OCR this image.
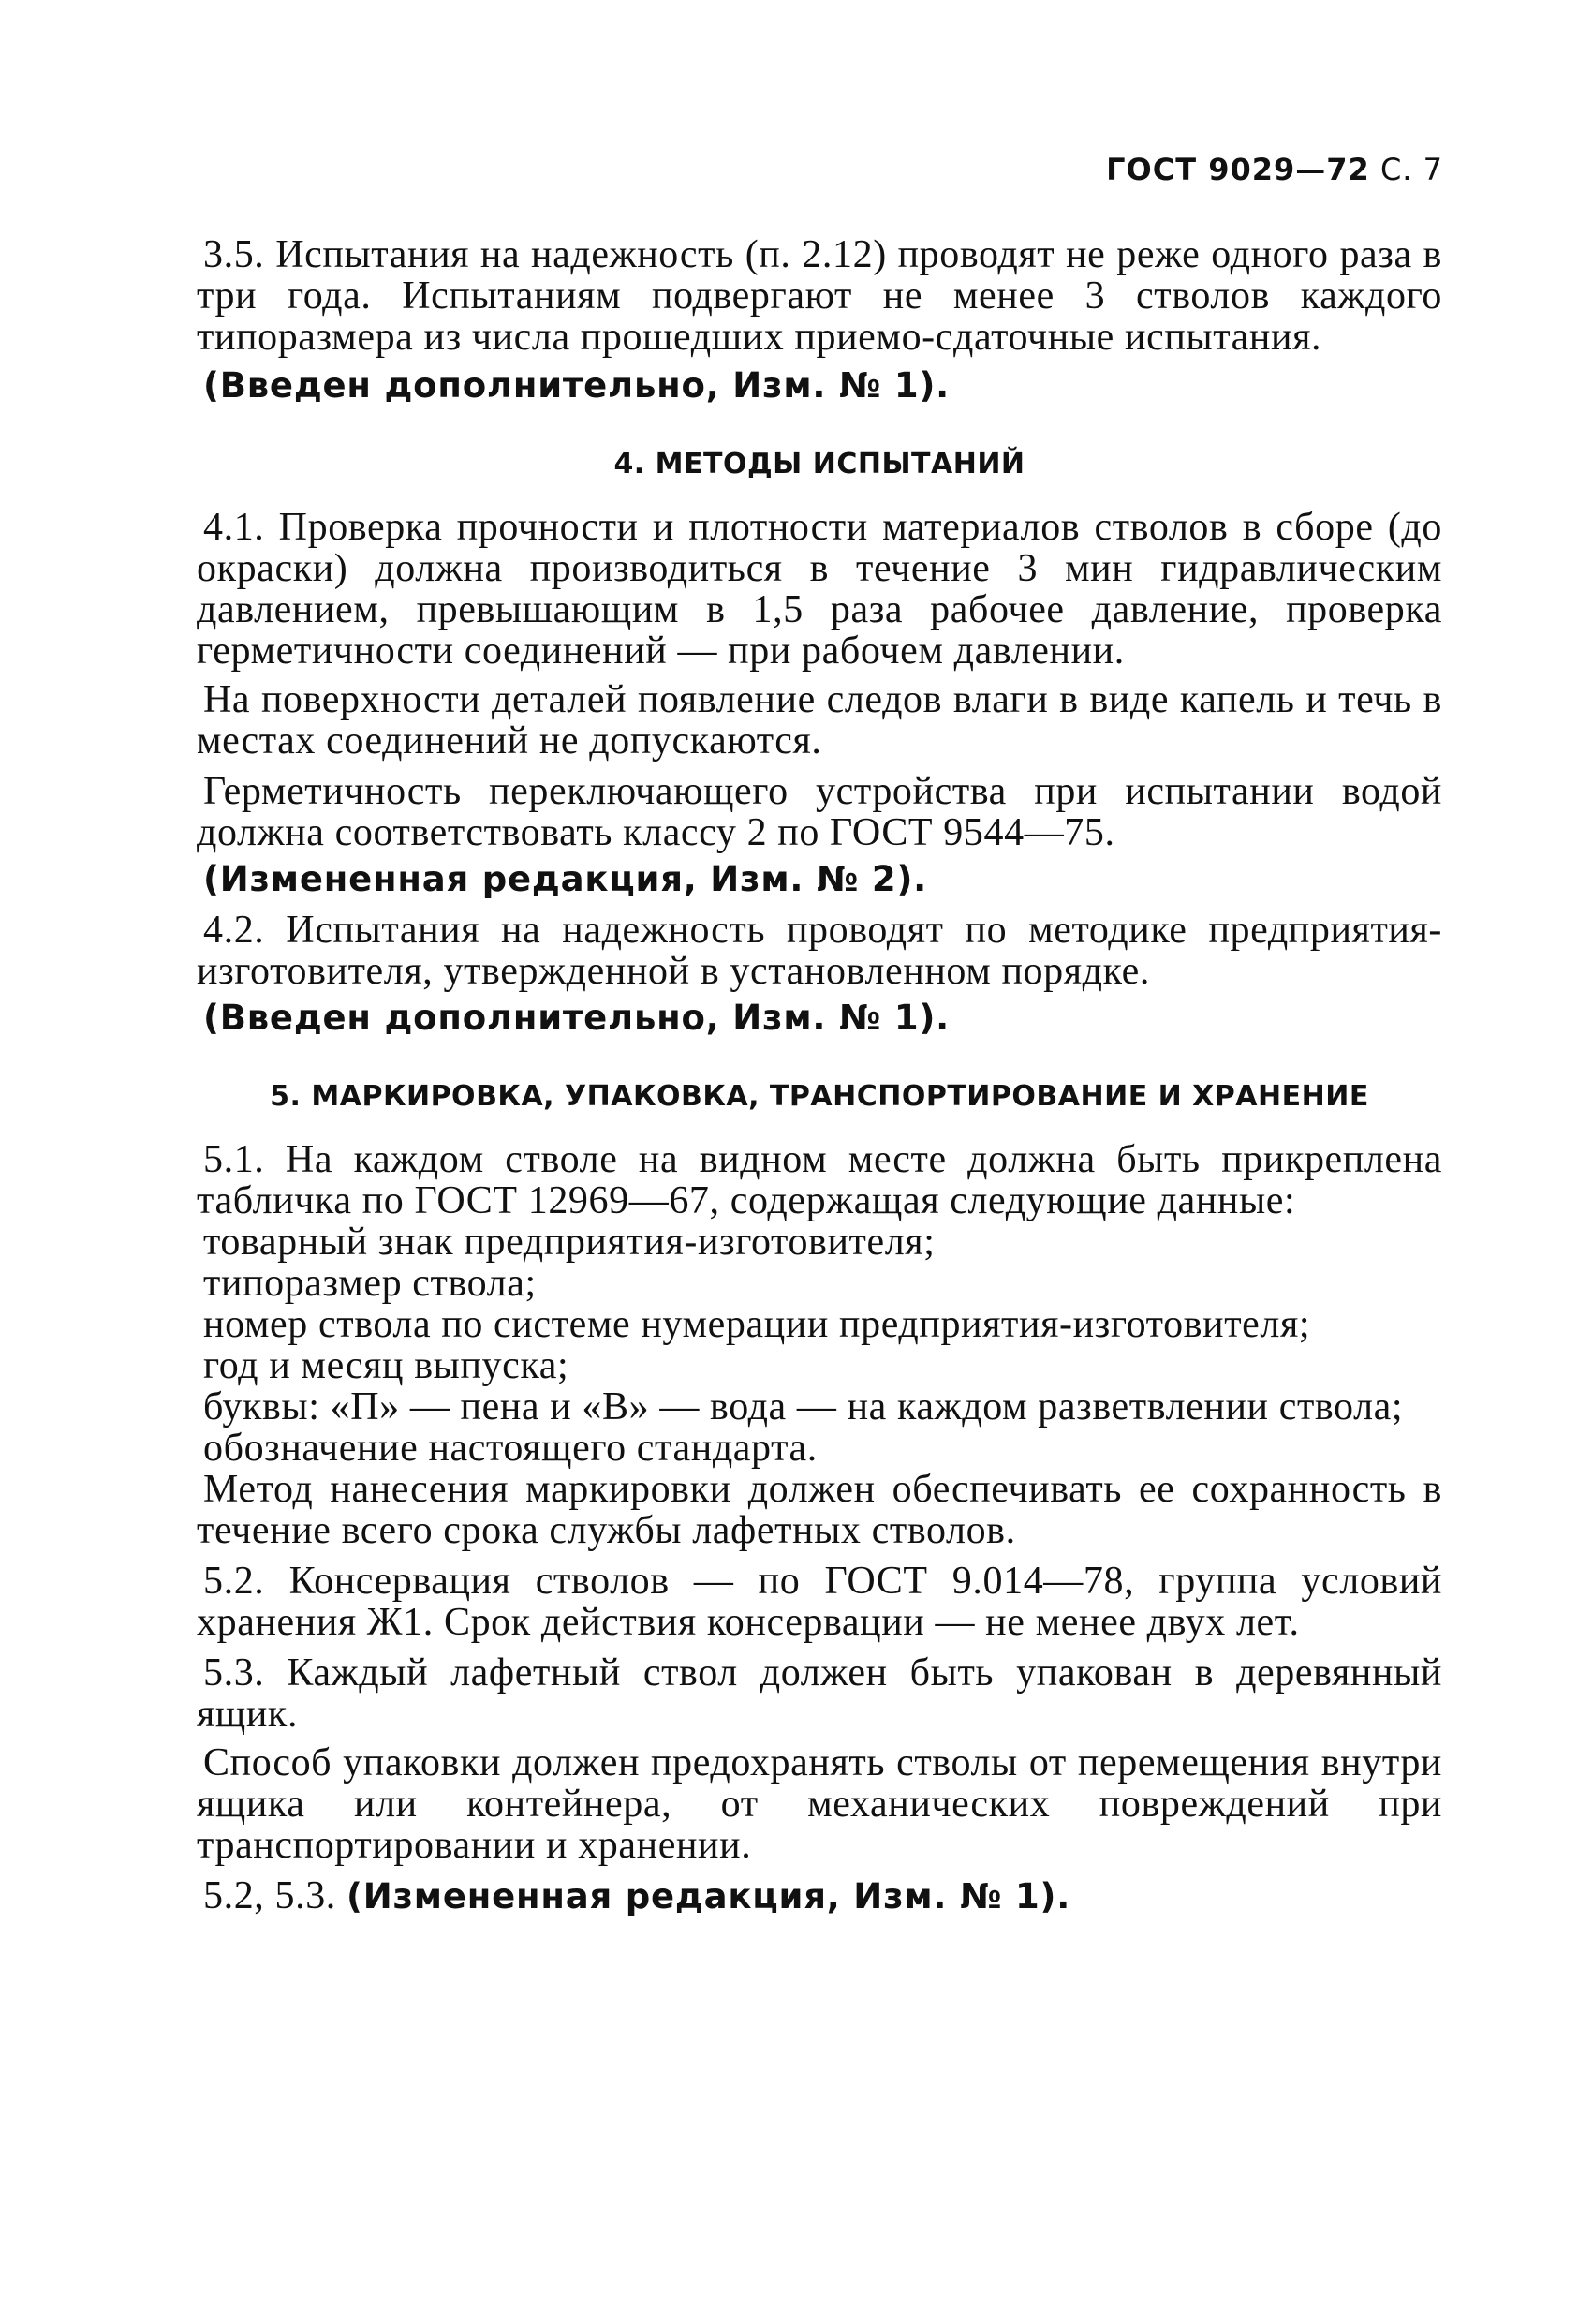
ГОСТ 9029—72 С. 7

3.5. Испытания на надежность (п. 2.12) проводят не реже одного раза в три года. Испытаниям подвергают не менее 3 стволов каждого типоразмера из числа прошедших приемо-сдаточные испытания.

(Введен дополнительно, Изм. № 1).

4. МЕТОДЫ ИСПЫТАНИЙ

4.1. Проверка прочности и плотности материалов стволов в сборе (до окраски) должна производиться в течение 3 мин гидравлическим давлением, превышающим в 1,5 раза рабочее давление, проверка герметичности соединений — при рабочем давлении.

На поверхности деталей появление следов влаги в виде капель и течь в местах соединений не допускаются.

Герметичность переключающего устройства при испытании водой должна соответствовать классу 2 по ГОСТ 9544—75.

(Измененная редакция, Изм. № 2).

4.2. Испытания на надежность проводят по методике предприятия-изготовителя, утвержденной в установленном порядке.

(Введен дополнительно, Изм. № 1).

5. МАРКИРОВКА, УПАКОВКА, ТРАНСПОРТИРОВАНИЕ И ХРАНЕНИЕ

5.1. На каждом стволе на видном месте должна быть прикреплена табличка по ГОСТ 12969—67, содержащая следующие данные:

товарный знак предприятия-изготовителя;

типоразмер ствола;

номер ствола по системе нумерации предприятия-изготовителя;

год и месяц выпуска;

буквы: «П» — пена и «В» — вода — на каждом разветвлении ствола;

обозначение настоящего стандарта.

Метод нанесения маркировки должен обеспечивать ее сохранность в течение всего срока службы лафетных стволов.

5.2. Консервация стволов — по ГОСТ 9.014—78, группа условий хранения Ж1. Срок действия консервации — не менее двух лет.

5.3. Каждый лафетный ствол должен быть упакован в деревянный ящик.

Способ упаковки должен предохранять стволы от перемещения внутри ящика или контейнера, от механических повреждений при транспортировании и хранении.

5.2, 5.3. (Измененная редакция, Изм. № 1).
